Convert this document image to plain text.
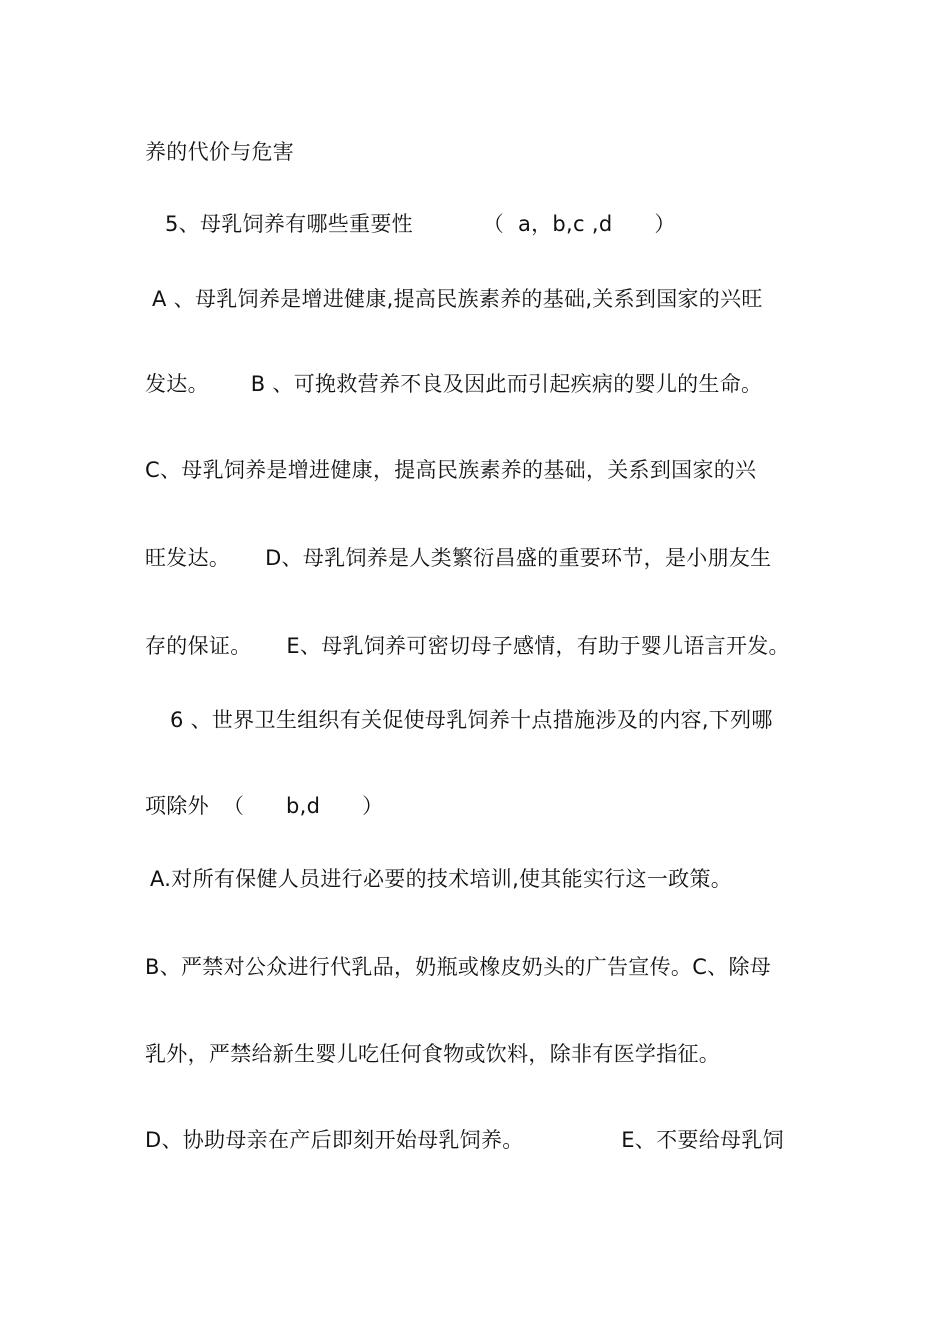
养的代价与危害
5、母乳饲养有哪些重要性          （  a，b,c ,d      ）
A 、母乳饲养是增进健康,提高民族素养的基础,关系到国家的兴旺
发达。      B 、可挽救营养不良及因此而引起疾病的婴儿的生命。
C、母乳饲养是增进健康，提高民族素养的基础，关系到国家的兴
旺发达。     D、母乳饲养是人类繁衍昌盛的重要环节，是小朋友生
存的保证。     E、母乳饲养可密切母子感情，有助于婴儿语言开发。
6 、世界卫生组织有关促使母乳饲养十点措施涉及的内容,下列哪
项除外  （      b,d      ）
A.对所有保健人员进行必要的技术培训,使其能实行这一政策。
B、严禁对公众进行代乳品，奶瓶或橡皮奶头的广告宣传。C、除母
乳外，严禁给新生婴儿吃任何食物或饮料，除非有医学指征。
D、协助母亲在产后即刻开始母乳饲养。              E、不要给母乳饲
